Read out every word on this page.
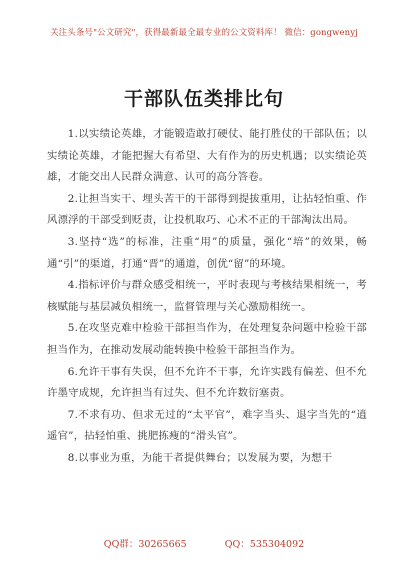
关注头条号"公文研究"，获得最新最全最专业的公文资料库！ 微信：gongwenyj
干部队伍类排比句

1.以实绩论英雄，才能锻造敢打硬仗、能打胜仗的干部队伍；以实绩论英雄，才能把握大有希望、大有作为的历史机遇；以实绩论英雄，才能交出人民群众满意、认可的高分答卷。

2.让担当实干、埋头苦干的干部得到提拔重用，让拈轻怕重、作风漂浮的干部受到贬责，让投机取巧、心术不正的干部淘汰出局。

3.坚持“选”的标准，注重“用”的质量，强化“培”的效果，畅通“引”的渠道，打通“晋”的通道，创优“留”的环境。

4.指标评价与群众感受相统一，平时表现与考核结果相统一，考核赋能与基层减负相统一，监督管理与关心激励相统一。

5.在攻坚克难中检验干部担当作为，在处理复杂问题中检验干部担当作为，在推动发展动能转换中检验干部担当作为。

6.允许干事有失误，但不允许不干事，允许实践有偏差、但不允许墨守成规，允许担当有过失、但不允许数衍塞责。

7.不求有功、但求无过的“太平官”，难字当头、退字当先的“逍遥官”，拈轻怕重、挑肥拣瘦的“滑头官”。

8.以事业为重，为能干者提供舞台；以发展为要，为想干

QQ群：30265665	QQ：535304092
